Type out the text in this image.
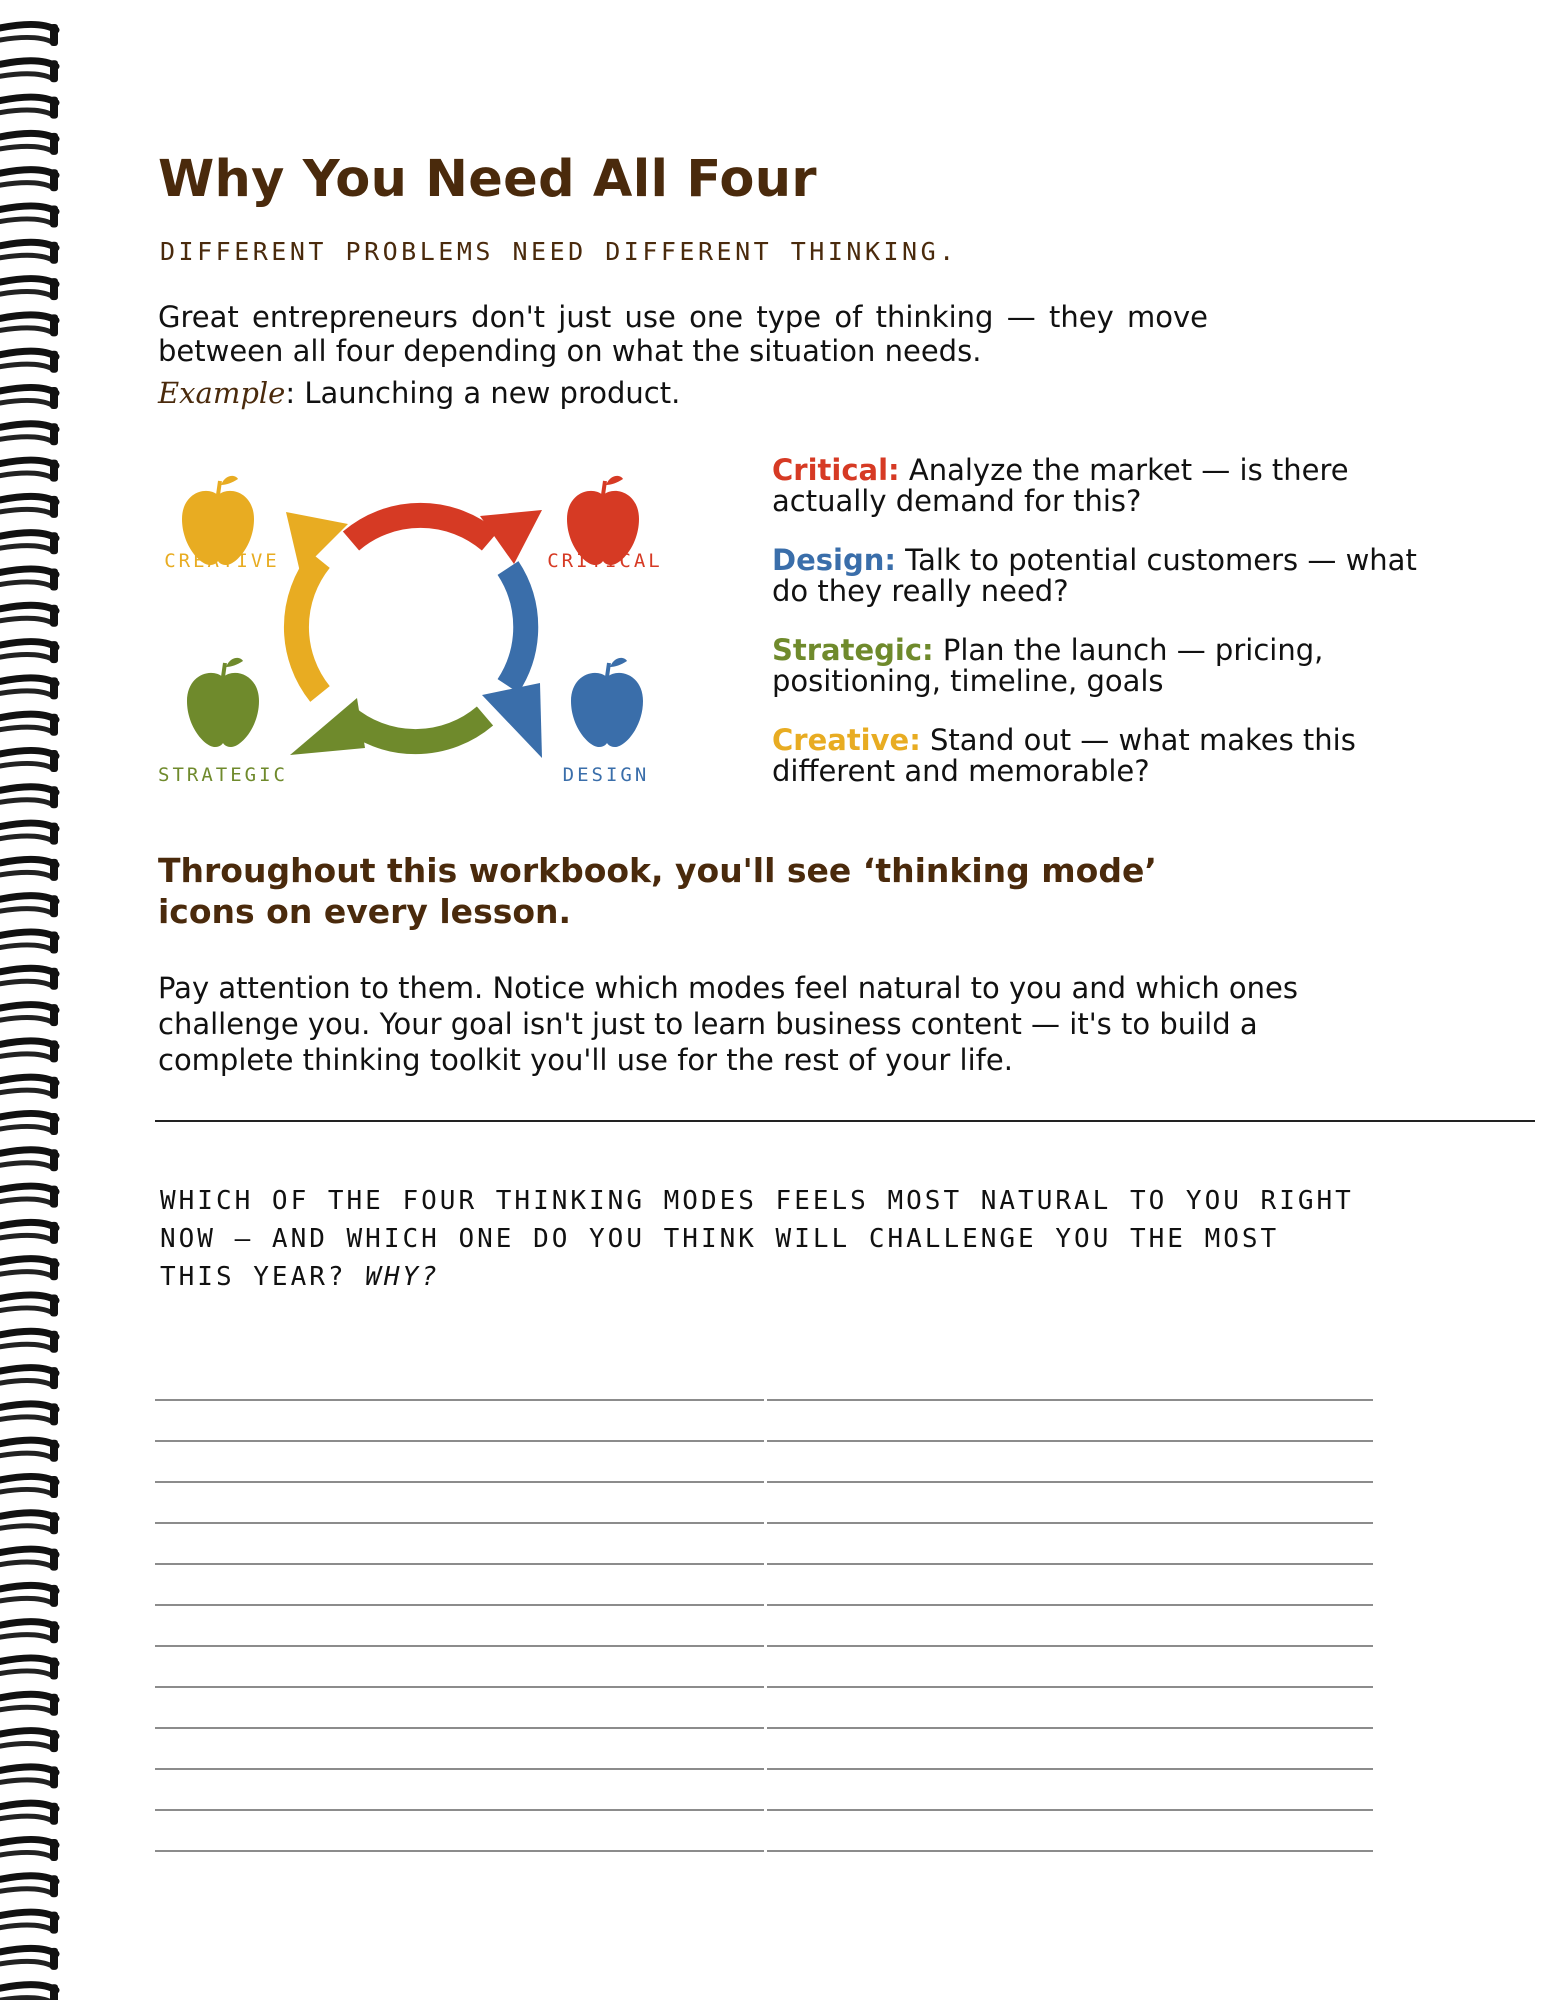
Why You Need All Four
DIFFERENT PROBLEMS NEED DIFFERENT THINKING.

Great entrepreneurs don't just use one type of thinking — they move between all four depending on what the situation needs.

Example: Launching a new product.

CREATIVE	CRITICAL
STRATEGIC	DESIGN

Critical: Analyze the market — is there actually demand for this?

Design: Talk to potential customers — what do they really need?

Strategic: Plan the launch — pricing, positioning, timeline, goals

Creative: Stand out — what makes this different and memorable?

Throughout this workbook, you'll see ‘thinking mode’ icons on every lesson.

Pay attention to them. Notice which modes feel natural to you and which ones challenge you. Your goal isn't just to learn business content — it's to build a complete thinking toolkit you'll use for the rest of your life.

WHICH OF THE FOUR THINKING MODES FEELS MOST NATURAL TO YOU RIGHT NOW — AND WHICH ONE DO YOU THINK WILL CHALLENGE YOU THE MOST THIS YEAR? WHY?
